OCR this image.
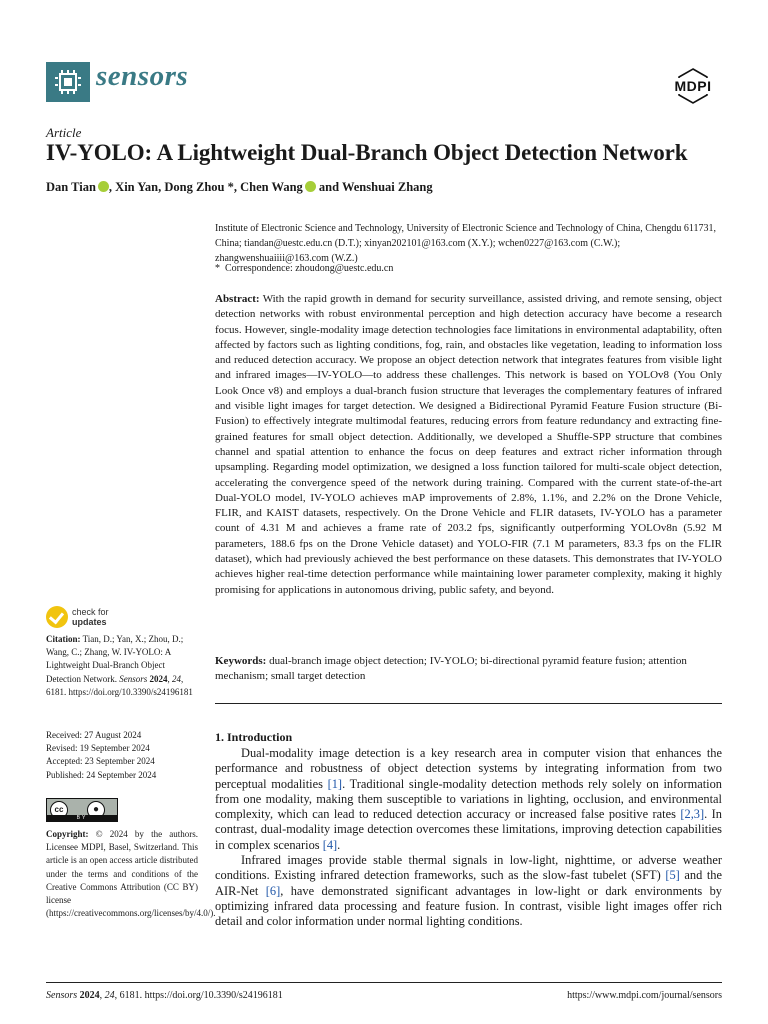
sensors	MDPI
Article
IV-YOLO: A Lightweight Dual-Branch Object Detection Network
Dan Tian , Xin Yan, Dong Zhou *, Chen Wang and Wenshuai Zhang
Institute of Electronic Science and Technology, University of Electronic Science and Technology of China, Chengdu 611731, China; tiandan@uestc.edu.cn (D.T.); xinyan202101@163.com (X.Y.); wchen0227@163.com (C.W.); zhangwenshuaiiii@163.com (W.Z.)
* Correspondence: zhoudong@uestc.edu.cn
Abstract: With the rapid growth in demand for security surveillance, assisted driving, and remote sensing, object detection networks with robust environmental perception and high detection accuracy have become a research focus. However, single-modality image detection technologies face limitations in environmental adaptability, often affected by factors such as lighting conditions, fog, rain, and obstacles like vegetation, leading to information loss and reduced detection accuracy. We propose an object detection network that integrates features from visible light and infrared images—IV-YOLO—to address these challenges. This network is based on YOLOv8 (You Only Look Once v8) and employs a dual-branch fusion structure that leverages the complementary features of infrared and visible light images for target detection. We designed a Bidirectional Pyramid Feature Fusion structure (Bi-Fusion) to effectively integrate multimodal features, reducing errors from feature redundancy and extracting fine-grained features for small object detection. Additionally, we developed a Shuffle-SPP structure that combines channel and spatial attention to enhance the focus on deep features and extract richer information through upsampling. Regarding model optimization, we designed a loss function tailored for multi-scale object detection, accelerating the convergence speed of the network during training. Compared with the current state-of-the-art Dual-YOLO model, IV-YOLO achieves mAP improvements of 2.8%, 1.1%, and 2.2% on the Drone Vehicle, FLIR, and KAIST datasets, respectively. On the Drone Vehicle and FLIR datasets, IV-YOLO has a parameter count of 4.31 M and achieves a frame rate of 203.2 fps, significantly outperforming YOLOv8n (5.92 M parameters, 188.6 fps on the Drone Vehicle dataset) and YOLO-FIR (7.1 M parameters, 83.3 fps on the FLIR dataset), which had previously achieved the best performance on these datasets. This demonstrates that IV-YOLO achieves higher real-time detection performance while maintaining lower parameter complexity, making it highly promising for applications in autonomous driving, public safety, and beyond.
Keywords: dual-branch image object detection; IV-YOLO; bi-directional pyramid feature fusion; attention mechanism; small target detection
1. Introduction

Dual-modality image detection is a key research area in computer vision that enhances the performance and robustness of object detection systems by integrating information from two perceptual modalities [1]. Traditional single-modality detection methods rely solely on information from one modality, making them susceptible to variations in lighting, occlusion, and environmental complexity, which can lead to reduced detection accuracy or increased false positive rates [2,3]. In contrast, dual-modality image detection overcomes these limitations, improving detection capabilities in complex scenarios [4].

Infrared images provide stable thermal signals in low-light, nighttime, or adverse weather conditions. Existing infrared detection frameworks, such as the slow-fast tubelet (SFT) [5] and the AIR-Net [6], have demonstrated significant advantages in low-light or dark environments by optimizing infrared data processing and feature fusion. In contrast, visible light images offer rich detail and color information under normal lighting conditions.

check for
updates
Citation: Tian, D.; Yan, X.; Zhou, D.; Wang, C.; Zhang, W. IV-YOLO: A Lightweight Dual-Branch Object Detection Network. Sensors 2024, 24, 6181. https://doi.org/10.3390/s24196181
Received: 27 August 2024
Revised: 19 September 2024
Accepted: 23 September 2024
Published: 24 September 2024
cc	●
BY
Copyright: © 2024 by the authors. Licensee MDPI, Basel, Switzerland. This article is an open access article distributed under the terms and conditions of the Creative Commons Attribution (CC BY) license (https://creativecommons.org/licenses/by/4.0/).
Sensors 2024, 24, 6181. https://doi.org/10.3390/s24196181	https://www.mdpi.com/journal/sensors
